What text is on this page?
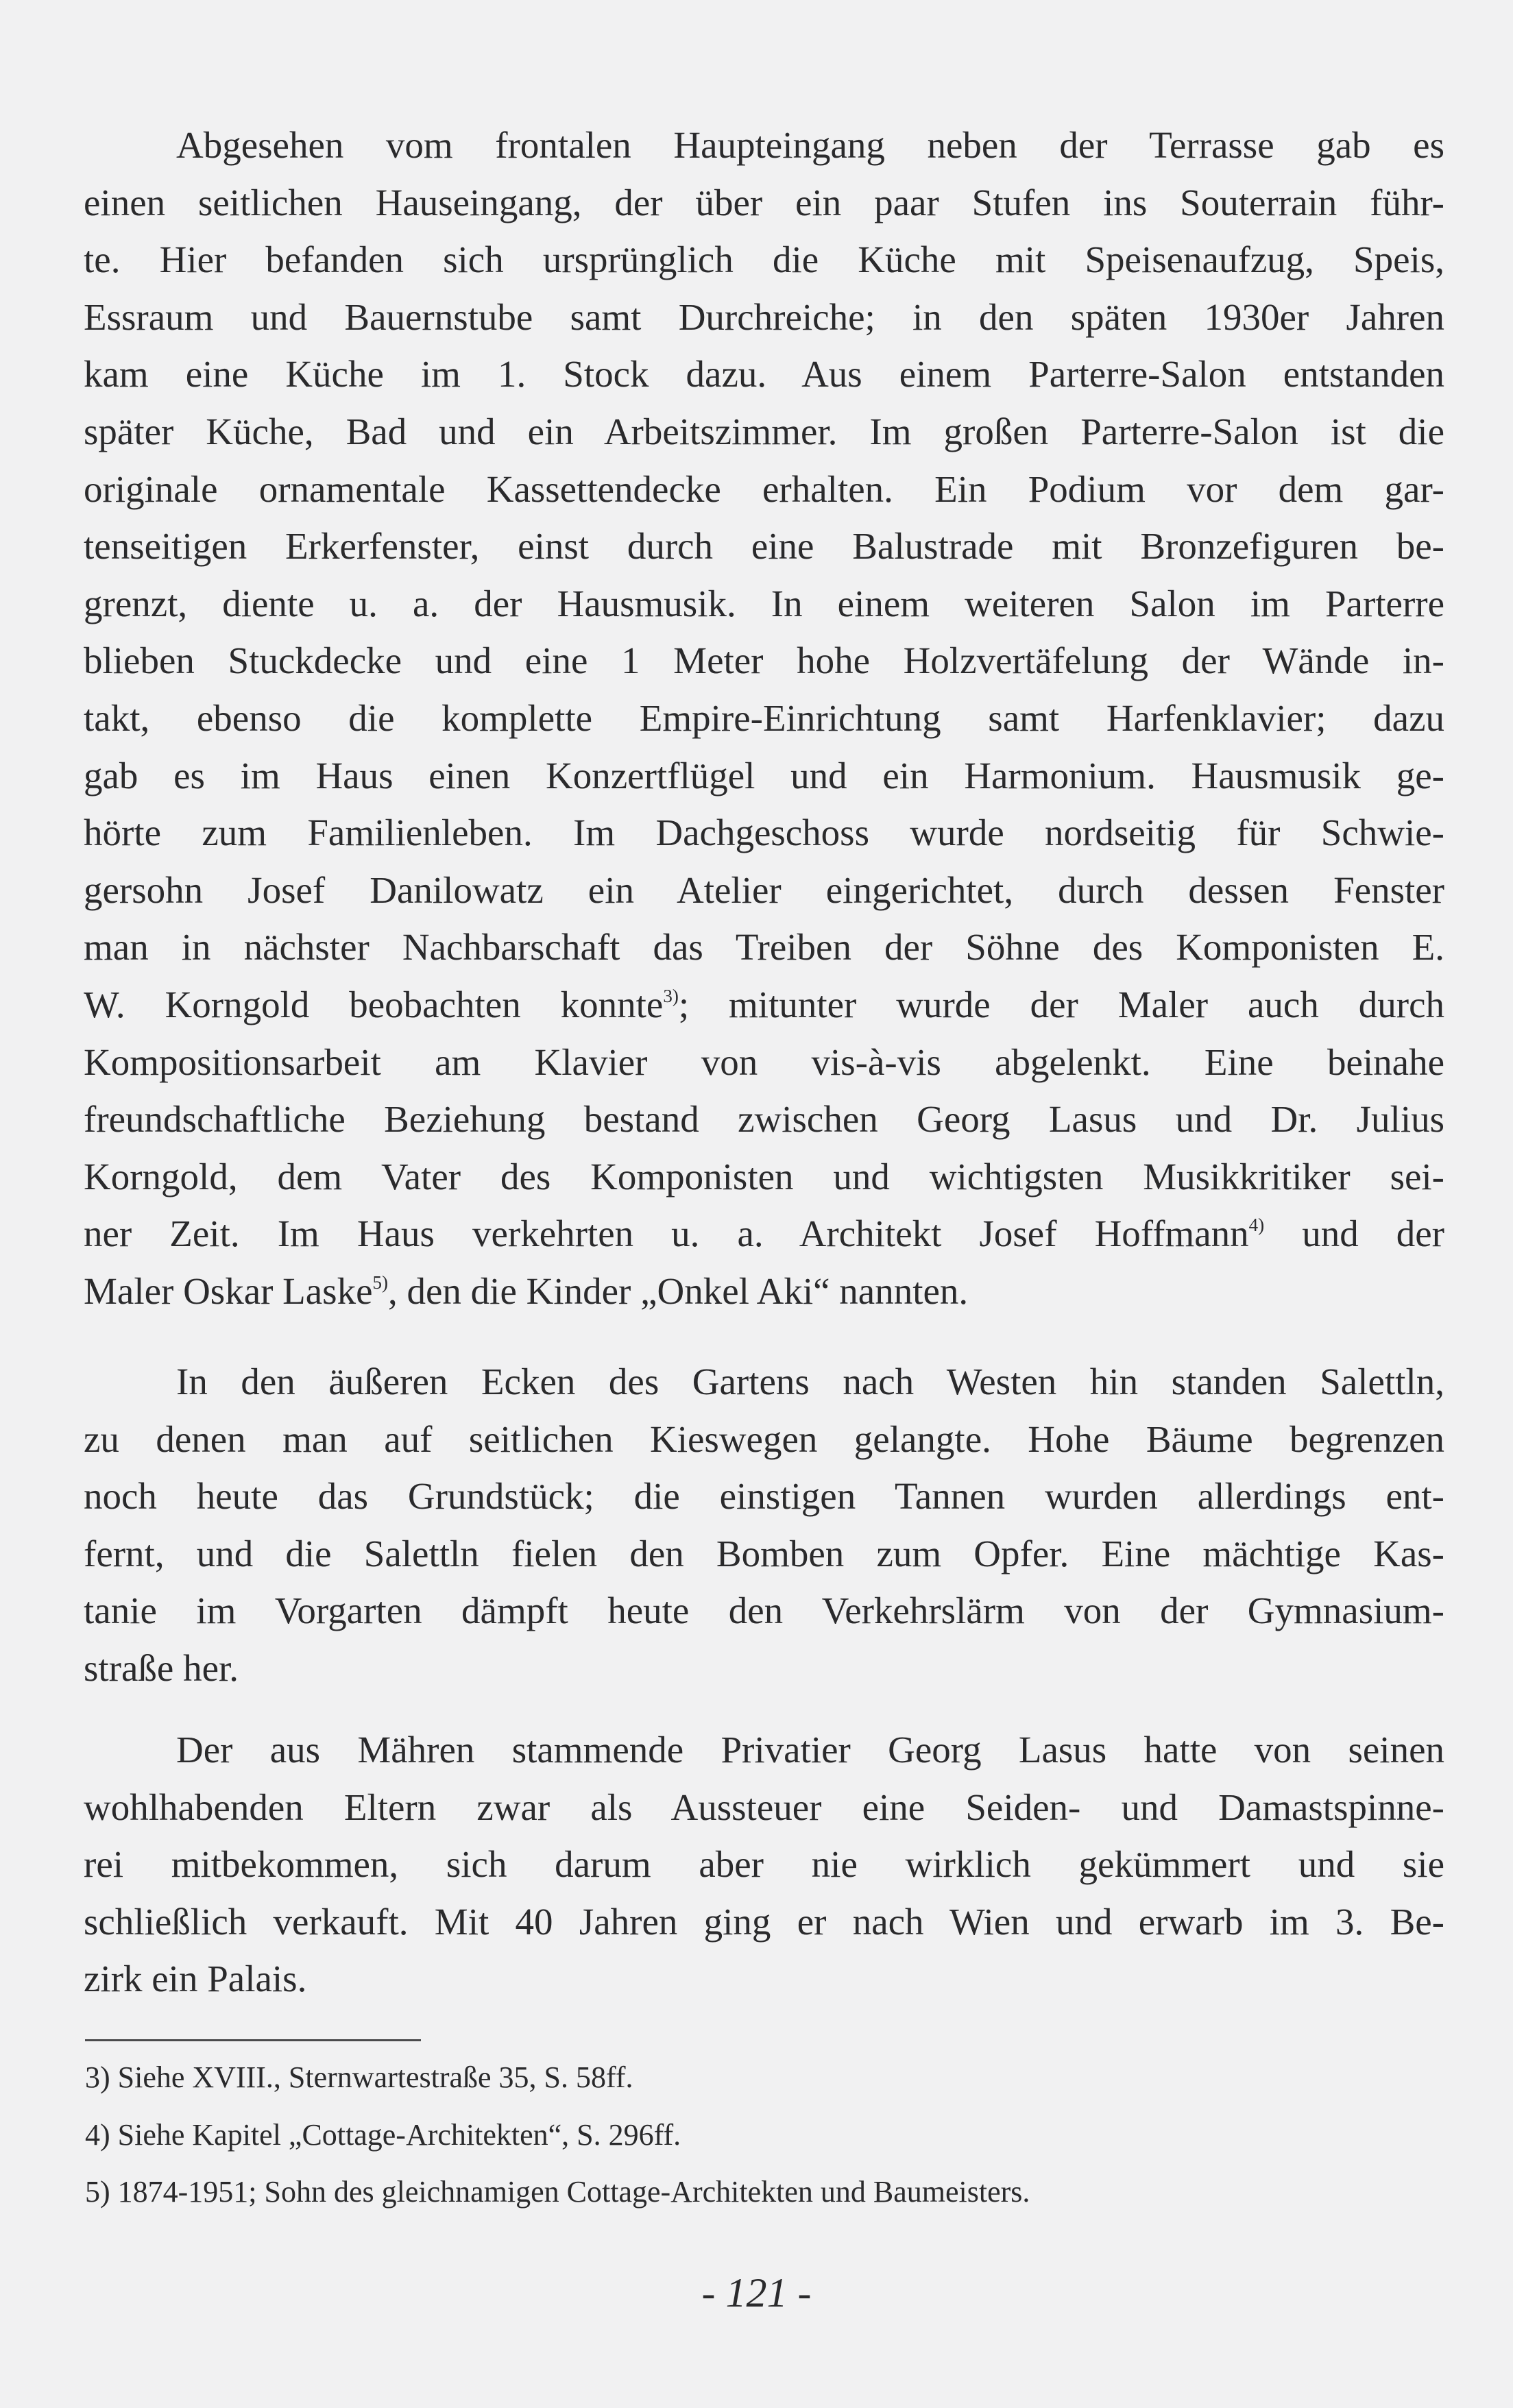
Abgesehen vom frontalen Haupteingang neben der Terrasse gab es
einen seitlichen Hauseingang, der über ein paar Stufen ins Souterrain führ-
te. Hier befanden sich ursprünglich die Küche mit Speisenaufzug, Speis,
Essraum und Bauernstube samt Durchreiche; in den späten 1930er Jahren
kam eine Küche im 1. Stock dazu. Aus einem Parterre-Salon entstanden
später Küche, Bad und ein Arbeitszimmer. Im großen Parterre-Salon ist die
originale ornamentale Kassettendecke erhalten. Ein Podium vor dem gar-
tenseitigen Erkerfenster, einst durch eine Balustrade mit Bronzefiguren be-
grenzt, diente u. a. der Hausmusik. In einem weiteren Salon im Parterre
blieben Stuckdecke und eine 1 Meter hohe Holzvertäfelung der Wände in-
takt, ebenso die komplette Empire-Einrichtung samt Harfenklavier; dazu
gab es im Haus einen Konzertflügel und ein Harmonium. Hausmusik ge-
hörte zum Familienleben. Im Dachgeschoss wurde nordseitig für Schwie-
gersohn Josef Danilowatz ein Atelier eingerichtet, durch dessen Fenster
man in nächster Nachbarschaft das Treiben der Söhne des Komponisten E.
W. Korngold beobachten konnte$^{3)}$; mitunter wurde der Maler auch durch
Kompositionsarbeit am Klavier von vis-à-vis abgelenkt. Eine beinahe
freundschaftliche Beziehung bestand zwischen Georg Lasus und Dr. Julius
Korngold, dem Vater des Komponisten und wichtigsten Musikkritiker sei-
ner Zeit. Im Haus verkehrten u. a. Architekt Josef Hoffmann$^{4)}$ und der
Maler Oskar Laske$^{5)}$, den die Kinder „Onkel Aki“ nannten.
In den äußeren Ecken des Gartens nach Westen hin standen Salettln,
zu denen man auf seitlichen Kieswegen gelangte. Hohe Bäume begrenzen
noch heute das Grundstück; die einstigen Tannen wurden allerdings ent-
fernt, und die Salettln fielen den Bomben zum Opfer. Eine mächtige Kas-
tanie im Vorgarten dämpft heute den Verkehrslärm von der Gymnasium-
straße her.
Der aus Mähren stammende Privatier Georg Lasus hatte von seinen
wohlhabenden Eltern zwar als Aussteuer eine Seiden- und Damastspinne-
rei mitbekommen, sich darum aber nie wirklich gekümmert und sie
schließlich verkauft. Mit 40 Jahren ging er nach Wien und erwarb im 3. Be-
zirk ein Palais.
3) Siehe XVIII., Sternwartestraße 35, S. 58ff.
4) Siehe Kapitel „Cottage-Architekten“, S. 296ff.
5) 1874-1951; Sohn des gleichnamigen Cottage-Architekten und Baumeisters.
- 121 -
